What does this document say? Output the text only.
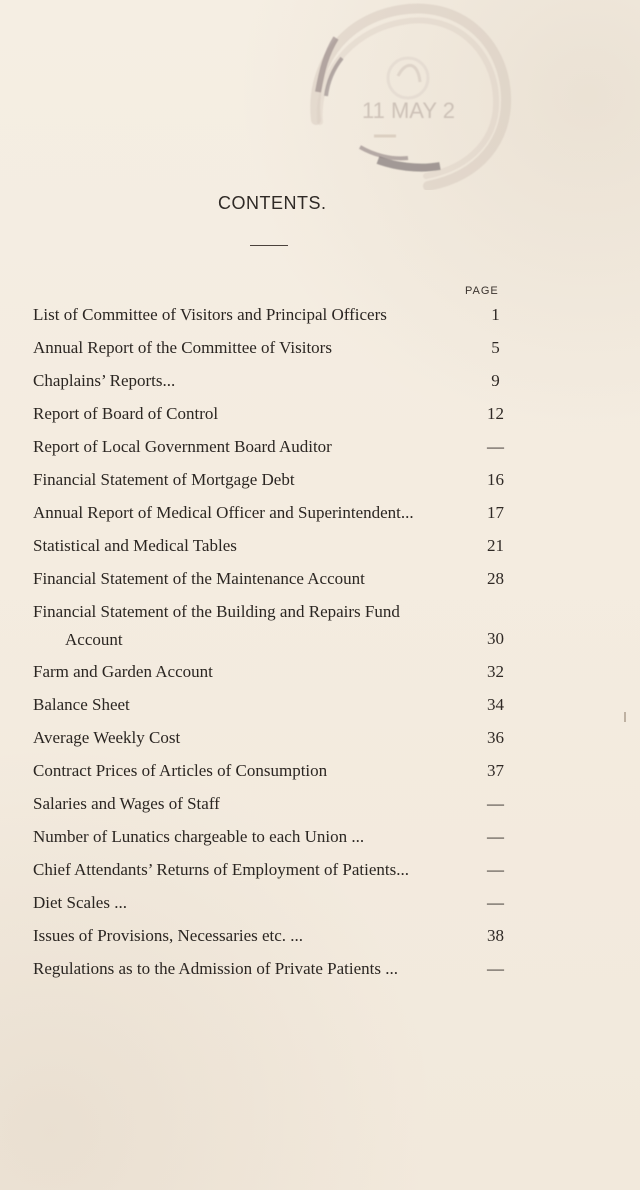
11 MAY 2
CONTENTS.
PAGE
List of Committee of Visitors and Principal Officers	1
Annual Report of the Committee of Visitors	5
Chaplains’ Reports...	9
Report of Board of Control	12
Report of Local Government Board Auditor	—
Financial Statement of Mortgage Debt	16
Annual Report of Medical Officer and Superintendent...	17
Statistical and Medical Tables	21
Financial Statement of the Maintenance Account	28
Financial Statement of the Building and Repairs Fund
Account	30
Farm and Garden Account	32
Balance Sheet	34
Average Weekly Cost	36
Contract Prices of Articles of Consumption	37
Salaries and Wages of Staff	—
Number of Lunatics chargeable to each Union ...	—
Chief Attendants’ Returns of Employment of Patients...	—
Diet Scales ...	—
Issues of Provisions, Necessaries etc. ...	38
Regulations as to the Admission of Private Patients ...	—
